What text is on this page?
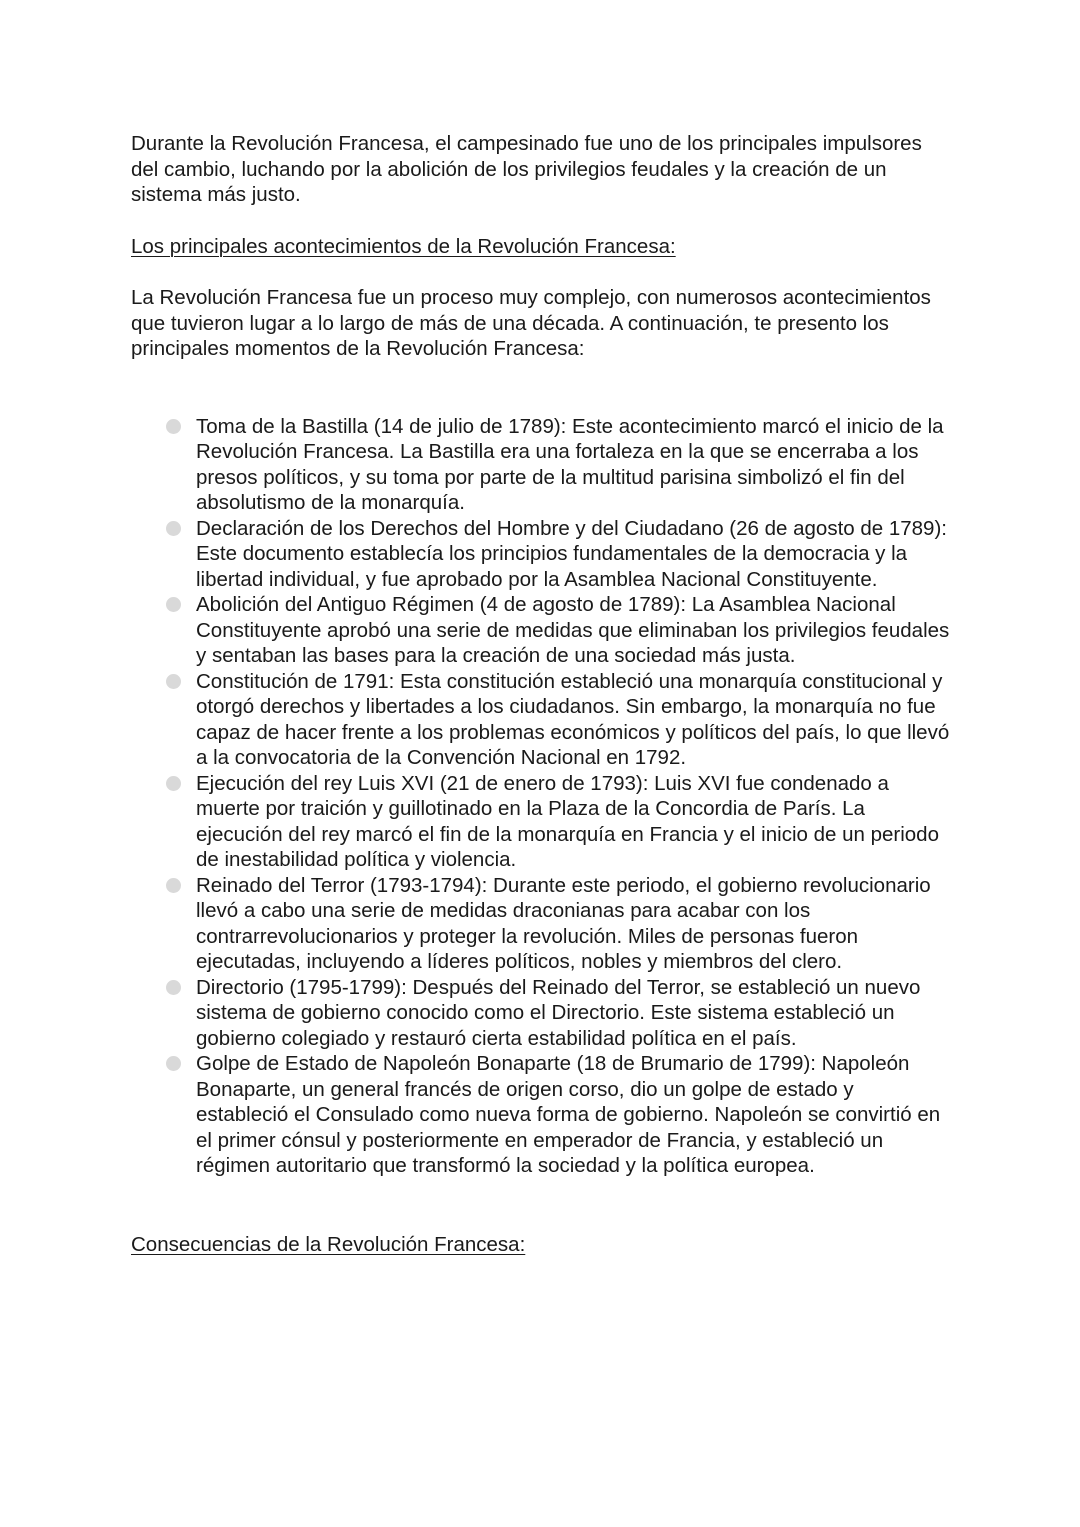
Durante la Revolución Francesa, el campesinado fue uno de los principales impulsores del cambio, luchando por la abolición de los privilegios feudales y la creación de un sistema más justo.

Los principales acontecimientos de la Revolución Francesa:

La Revolución Francesa fue un proceso muy complejo, con numerosos acontecimientos que tuvieron lugar a lo largo de más de una década. A continuación, te presento los principales momentos de la Revolución Francesa:

Toma de la Bastilla (14 de julio de 1789): Este acontecimiento marcó el inicio de la Revolución Francesa. La Bastilla era una fortaleza en la que se encerraba a los presos políticos, y su toma por parte de la multitud parisina simbolizó el fin del absolutismo de la monarquía.
Declaración de los Derechos del Hombre y del Ciudadano (26 de agosto de 1789): Este documento establecía los principios fundamentales de la democracia y la libertad individual, y fue aprobado por la Asamblea Nacional Constituyente.
Abolición del Antiguo Régimen (4 de agosto de 1789): La Asamblea Nacional Constituyente aprobó una serie de medidas que eliminaban los privilegios feudales y sentaban las bases para la creación de una sociedad más justa.
Constitución de 1791: Esta constitución estableció una monarquía constitucional y otorgó derechos y libertades a los ciudadanos. Sin embargo, la monarquía no fue capaz de hacer frente a los problemas económicos y políticos del país, lo que llevó a la convocatoria de la Convención Nacional en 1792.
Ejecución del rey Luis XVI (21 de enero de 1793): Luis XVI fue condenado a muerte por traición y guillotinado en la Plaza de la Concordia de París. La ejecución del rey marcó el fin de la monarquía en Francia y el inicio de un periodo de inestabilidad política y violencia.
Reinado del Terror (1793-1794): Durante este periodo, el gobierno revolucionario llevó a cabo una serie de medidas draconianas para acabar con los contrarrevolucionarios y proteger la revolución. Miles de personas fueron ejecutadas, incluyendo a líderes políticos, nobles y miembros del clero.
Directorio (1795-1799): Después del Reinado del Terror, se estableció un nuevo sistema de gobierno conocido como el Directorio. Este sistema estableció un gobierno colegiado y restauró cierta estabilidad política en el país.
Golpe de Estado de Napoleón Bonaparte (18 de Brumario de 1799): Napoleón Bonaparte, un general francés de origen corso, dio un golpe de estado y estableció el Consulado como nueva forma de gobierno. Napoleón se convirtió en el primer cónsul y posteriormente en emperador de Francia, y estableció un régimen autoritario que transformó la sociedad y la política europea.

Consecuencias de la Revolución Francesa:
